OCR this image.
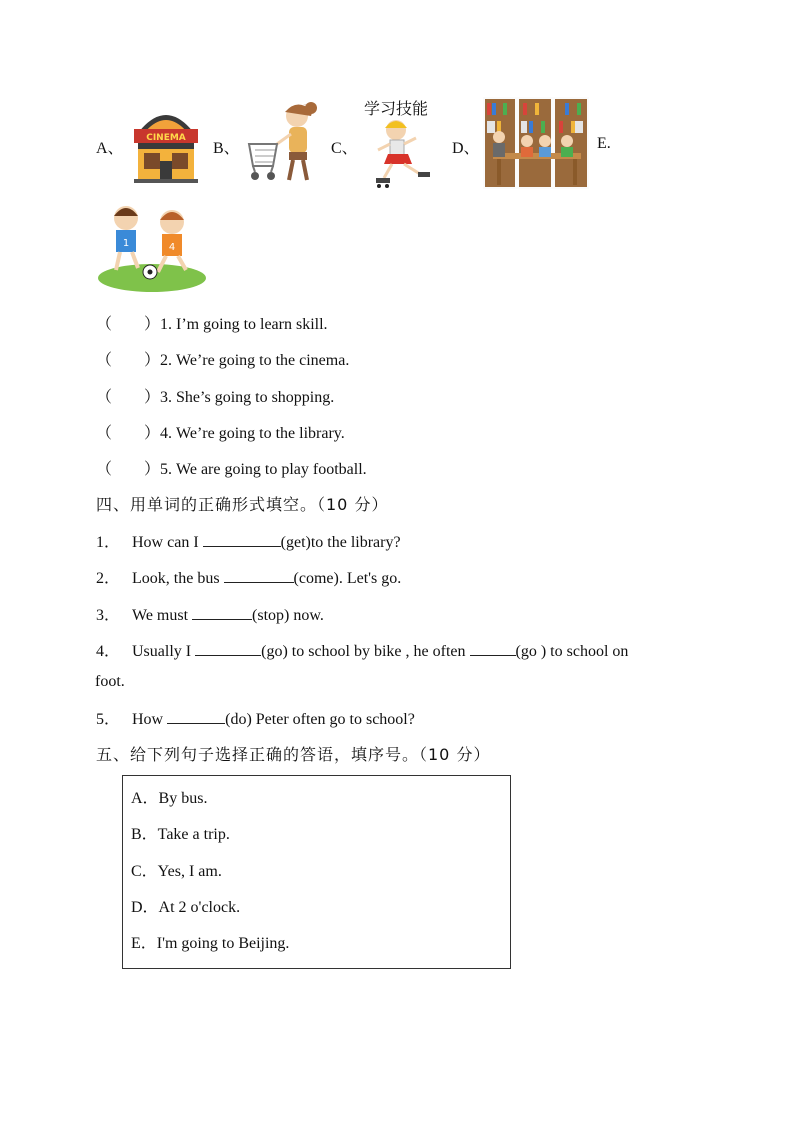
A、
CINEMA
B、	C、
学习技能
D、	E.
1	4
（　　）1. I’m going to learn skill.
（　　）2. We’re going to the cinema.
（　　）3. She’s going to shopping.
（　　）4. We’re going to the library.
（　　）5. We are going to play football.
四、用单词的正确形式填空。（10 分）
1． How can I	(get)to the library?
2． Look, the bus	(come). Let's go.
3． We must	(stop) now.
4． Usually I	(go) to school by bike , he often	(go ) to school on
foot.
5． How	(do) Peter often go to school?
五、给下列句子选择正确的答语，填序号。（10 分）
A．By bus.
B．Take a trip.
C．Yes, I am.
D．At 2 o'clock.
E．I'm going to Beijing.
